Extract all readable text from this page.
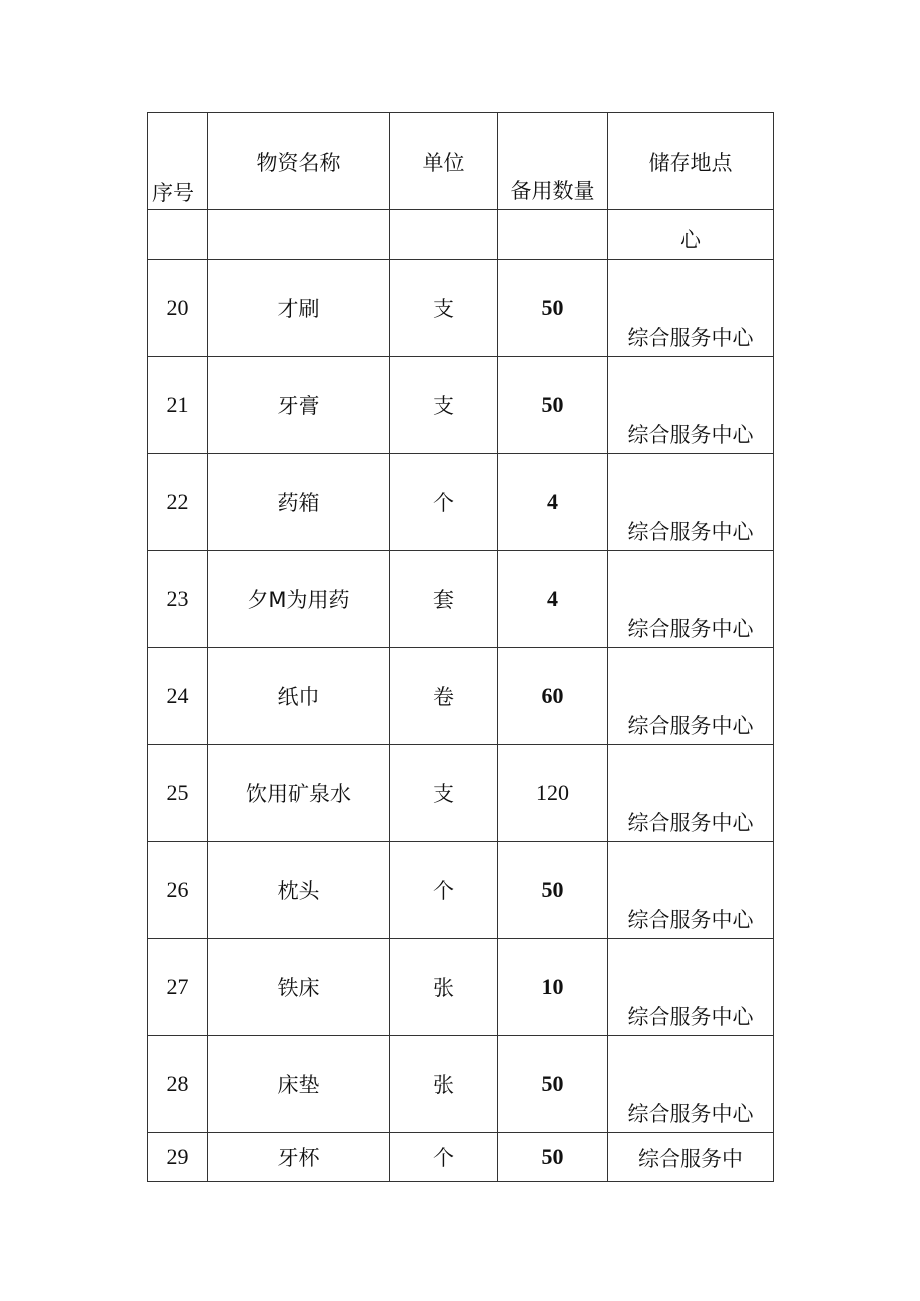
序号	物资名称	单位	备用数量	储存地点

				心

20	才刷	支	50	综合服务中心

21	牙膏	支	50	综合服务中心

22	药箱	个	4	综合服务中心

23	夕M为用药	套	4	综合服务中心

24	纸巾	卷	60	综合服务中心

25	饮用矿泉水	支	120	综合服务中心

26	枕头	个	50	综合服务中心

27	铁床	张	10	综合服务中心

28	床垫	张	50	综合服务中心

29	牙杯	个	50	综合服务中
